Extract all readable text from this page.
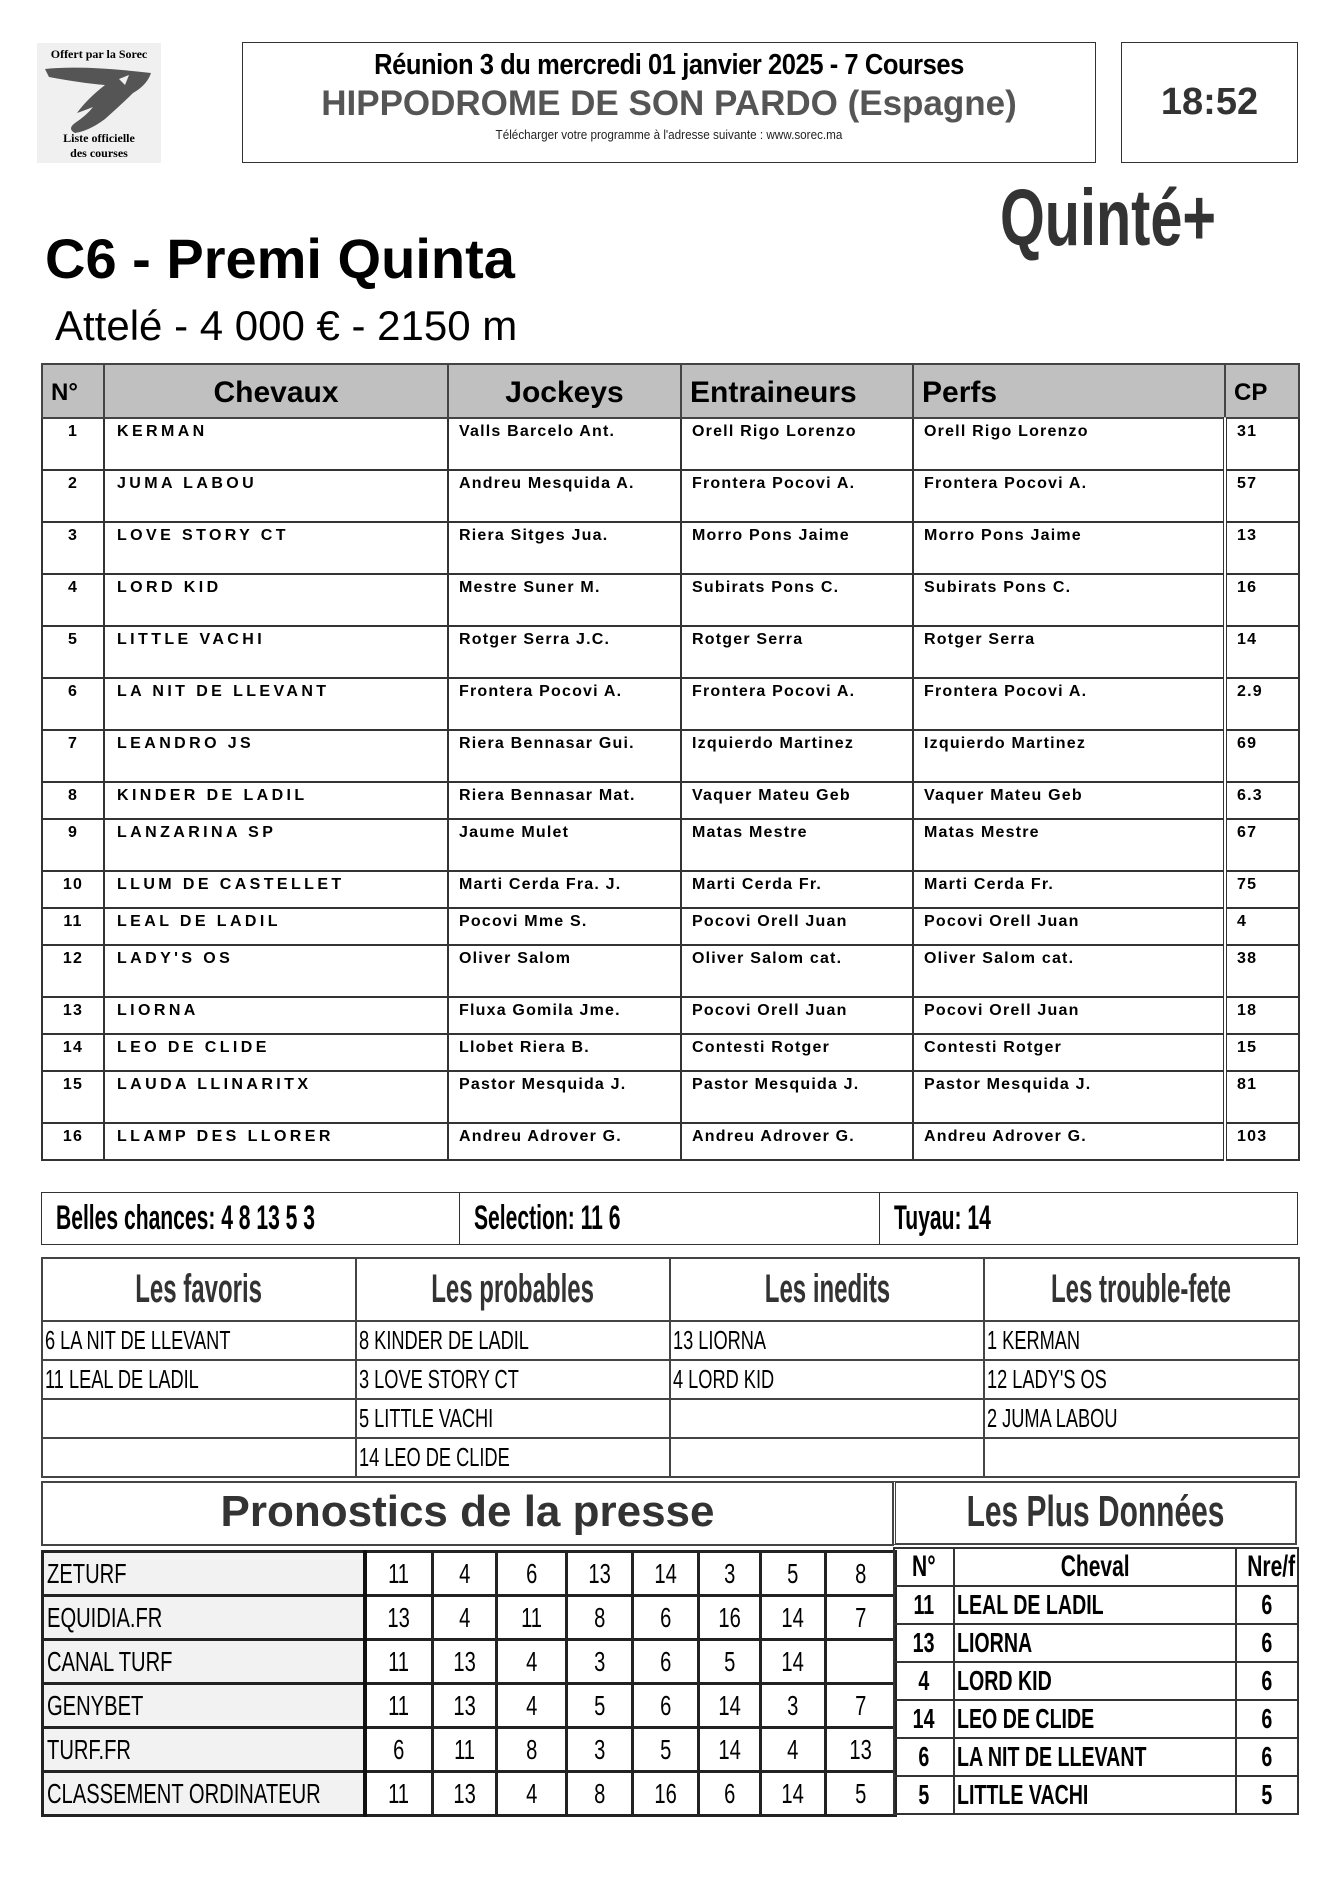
Offert par la Sorec
Liste officielle
des courses
Réunion 3 du mercredi 01 janvier 2025 - 7 Courses
HIPPODROME DE SON PARDO (Espagne)
Télécharger votre programme à l'adresse suivante : www.sorec.ma
18:52
Quinté+
C6 - Premi Quinta
Attelé - 4 000 € - 2150 m
N°	Chevaux	Jockeys	Entraineurs	Perfs	CP
1	KERMAN	Valls Barcelo Ant.	Orell Rigo Lorenzo	Orell Rigo Lorenzo	31
2	JUMA LABOU	Andreu Mesquida A.	Frontera Pocovi A.	Frontera Pocovi A.	57
3	LOVE STORY CT	Riera Sitges Jua.	Morro Pons Jaime	Morro Pons Jaime	13
4	LORD KID	Mestre Suner M.	Subirats Pons C.	Subirats Pons C.	16
5	LITTLE VACHI	Rotger Serra J.C.	Rotger Serra	Rotger Serra	14
6	LA NIT DE LLEVANT	Frontera Pocovi A.	Frontera Pocovi A.	Frontera Pocovi A.	2.9
7	LEANDRO JS	Riera Bennasar Gui.	Izquierdo Martinez	Izquierdo Martinez	69
8	KINDER DE LADIL	Riera Bennasar Mat.	Vaquer Mateu Geb	Vaquer Mateu Geb	6.3
9	LANZARINA SP	Jaume Mulet	Matas Mestre	Matas Mestre	67
10	LLUM DE CASTELLET	Marti Cerda Fra. J.	Marti Cerda Fr.	Marti Cerda Fr.	75
11	LEAL DE LADIL	Pocovi Mme S.	Pocovi Orell Juan	Pocovi Orell Juan	4
12	LADY'S OS	Oliver Salom	Oliver Salom cat.	Oliver Salom cat.	38
13	LIORNA	Fluxa Gomila Jme.	Pocovi Orell Juan	Pocovi Orell Juan	18
14	LEO DE CLIDE	Llobet Riera B.	Contesti Rotger	Contesti Rotger	15
15	LAUDA LLINARITX	Pastor Mesquida J.	Pastor Mesquida J.	Pastor Mesquida J.	81
16	LLAMP DES LLORER	Andreu Adrover G.	Andreu Adrover G.	Andreu Adrover G.	103
Belles chances: 4 8 13 5 3	Selection: 11 6	Tuyau: 14
Les favoris	Les probables	Les inedits	Les trouble-fete
6 LA NIT DE LLEVANT	8 KINDER DE LADIL	13 LIORNA	1 KERMAN
11 LEAL DE LADIL	3 LOVE STORY CT	4 LORD KID	12 LADY'S OS
	5 LITTLE VACHI		2 JUMA LABOU
	14 LEO DE CLIDE		
Pronostics de la presse
ZETURF	11	4	6	13	14	3	5	8
EQUIDIA.FR	13	4	11	8	6	16	14	7
CANAL TURF	11	13	4	3	6	5	14	
GENYBET	11	13	4	5	6	14	3	7
TURF.FR	6	11	8	3	5	14	4	13
CLASSEMENT ORDINATEUR	11	13	4	8	16	6	14	5
Les Plus Données
N°	Cheval	Nre/f
11	LEAL DE LADIL	6
13	LIORNA	6
4	LORD KID	6
14	LEO DE CLIDE	6
6	LA NIT DE LLEVANT	6
5	LITTLE VACHI	5
